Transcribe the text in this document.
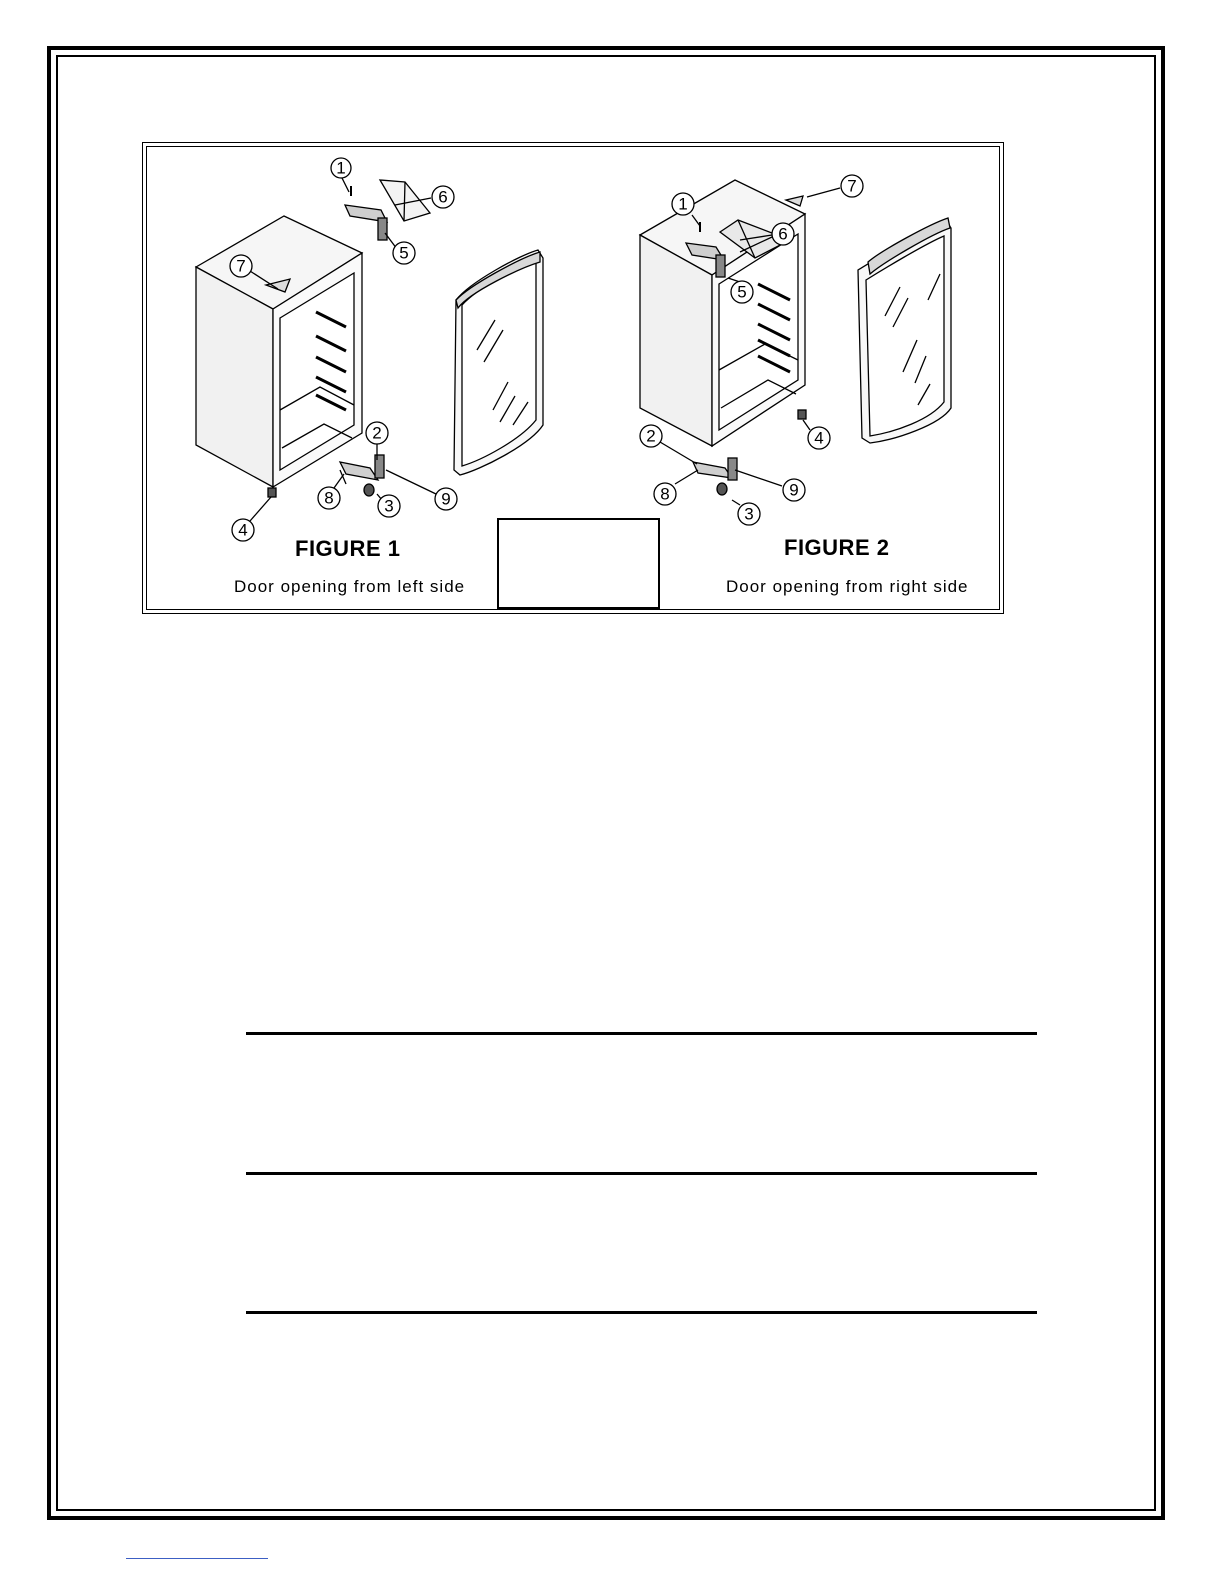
1
6
5
7
2
8	3	9
4
1
7
6
5
2
8
3
9
4
FIGURE 1
Door opening from left side
FIGURE 2
Door opening from right side
